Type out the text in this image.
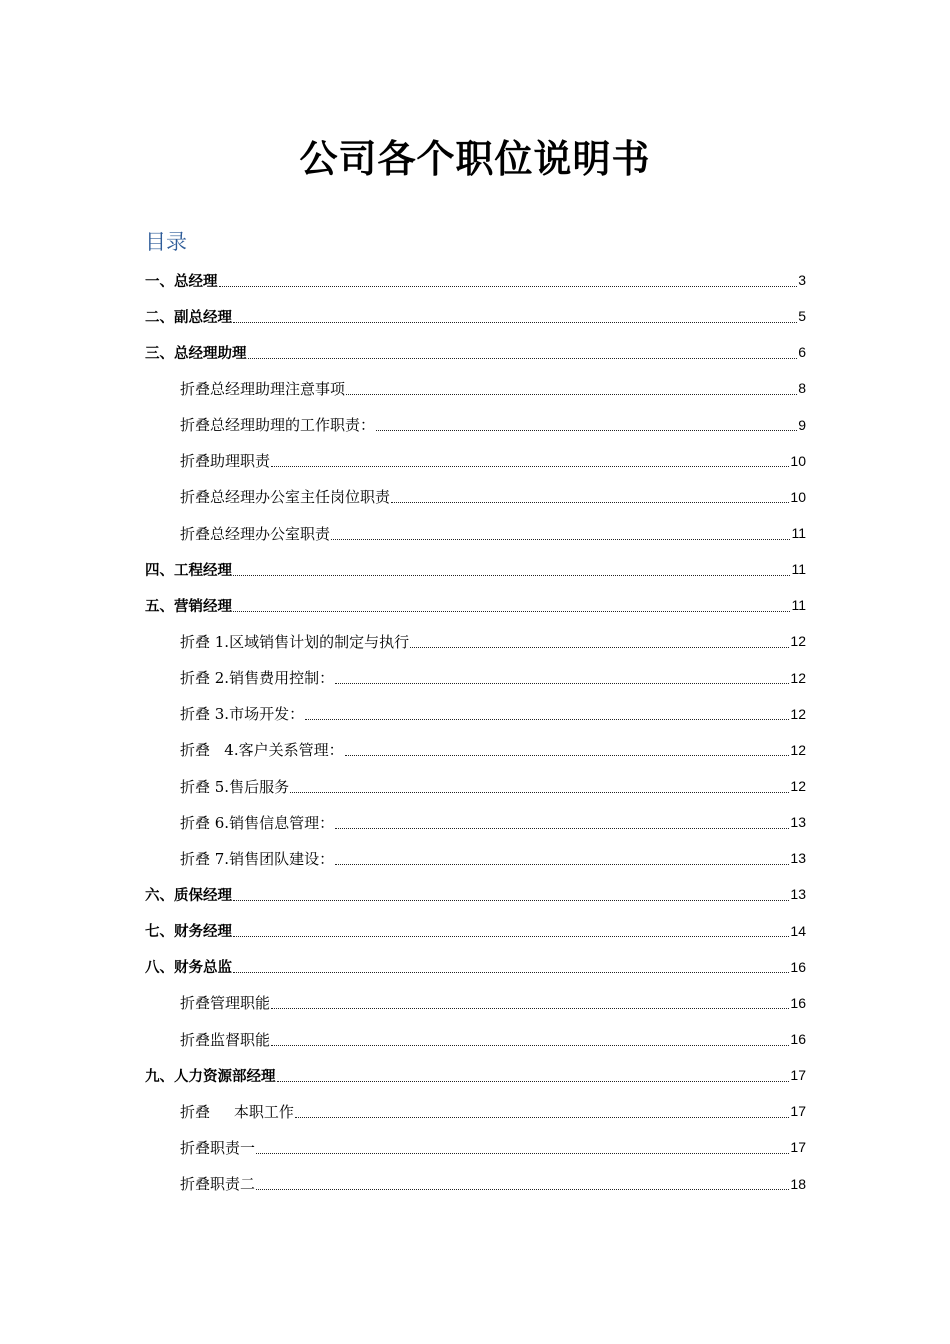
公司各个职位说明书
目录
一、总经理	3
二、副总经理	5
三、总经理助理	6
折叠总经理助理注意事项	8
折叠总经理助理的工作职责：	9
折叠助理职责	10
折叠总经理办公室主任岗位职责	10
折叠总经理办公室职责	11
四、工程经理	11
五、营销经理	11
折叠 1.区域销售计划的制定与执行	12
折叠 2.销售费用控制：	12
折叠 3.市场开发：	12
折叠   4.客户关系管理：	12
折叠 5.售后服务	12
折叠 6.销售信息管理：	13
折叠 7.销售团队建设：	13
六、质保经理	13
七、财务经理	14
八、财务总监	16
折叠管理职能	16
折叠监督职能	16
九、人力资源部经理	17
折叠     本职工作	17
折叠职责一	17
折叠职责二	18
